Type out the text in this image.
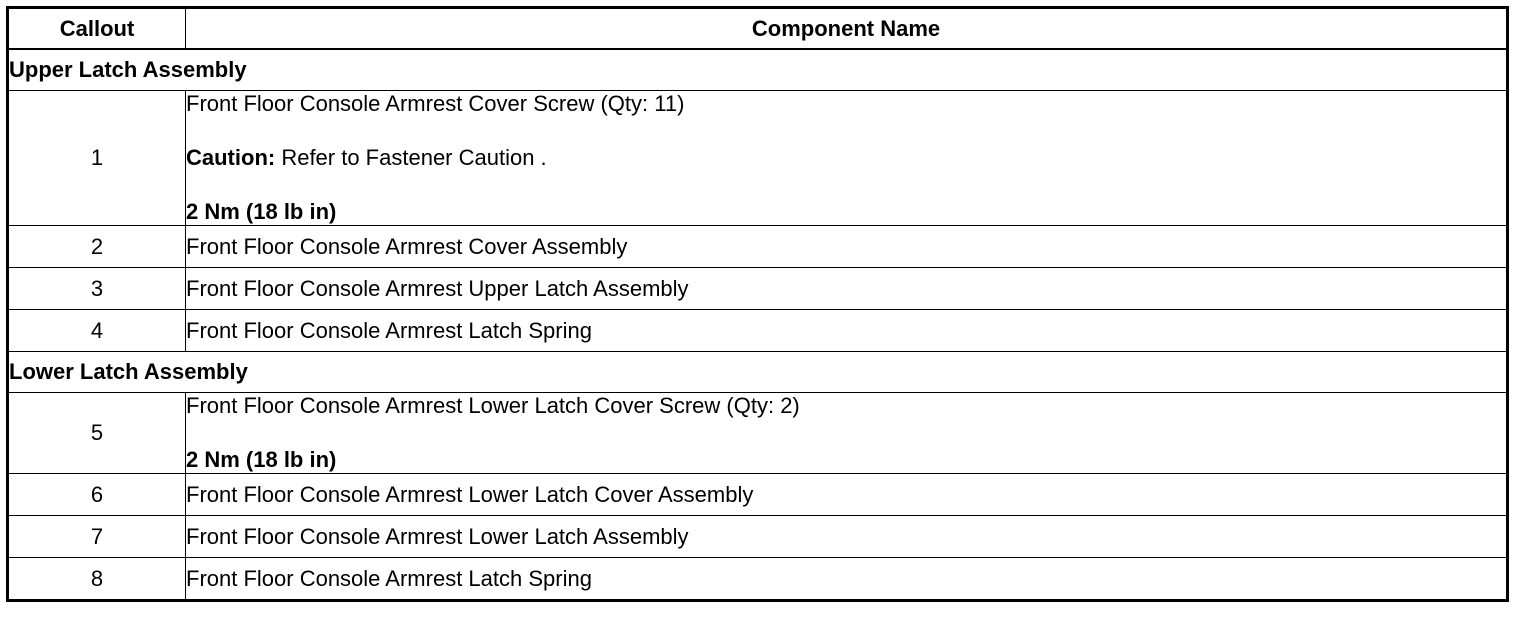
Callout	Component Name
Upper Latch Assembly	
1	Front Floor Console Armrest Cover Screw (Qty: 11)

Caution: Refer to Fastener Caution .

2 Nm (18 lb in)

2	Front Floor Console Armrest Cover Assembly
3	Front Floor Console Armrest Upper Latch Assembly
4	Front Floor Console Armrest Latch Spring
Lower Latch Assembly	
5	Front Floor Console Armrest Lower Latch Cover Screw (Qty: 2)

2 Nm (18 lb in)

6	Front Floor Console Armrest Lower Latch Cover Assembly
7	Front Floor Console Armrest Lower Latch Assembly
8	Front Floor Console Armrest Latch Spring
